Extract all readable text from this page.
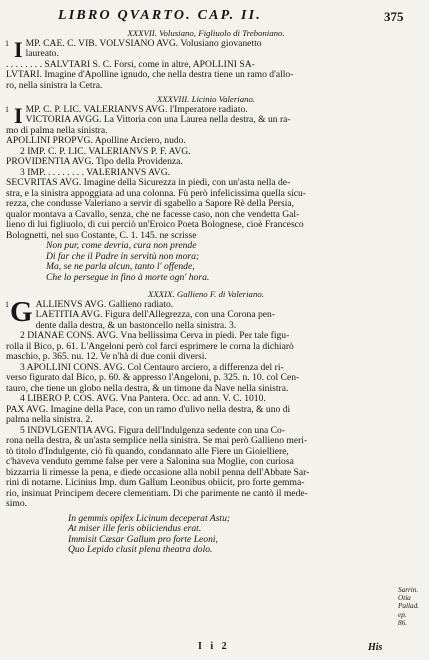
LIBRO QVARTO. CAP. II.	375

XXXVII. Volusiano, Figliuolo di Treboniano.

1 I MP. CAE. C. VIB. VOLVSIANO AVG. Volusiano giovanetto

laureato.

. . . . . . . . SALVTARI S. C. Forsi, come in altre, APOLLINI SA-

LVTARI. Imagine d'Apolline ignudo, che nella destra tiene un ramo d'allo-

ro, nella sinistra la Cetra.

XXXVIII. Licinio Valeriano.

1 I MP. C. P. LIC. VALERIANVS AVG. l'Imperatore radiato.

VICTORIA AVGG. La Vittoria con una Laurea nella destra, & un ra-

mo di palma nella sinistra.

APOLLINI PROPVG. Apolline Arciero, nudo.

2 IMP. C. P. LIC. VALERIANVS P. F. AVG.

PROVIDENTIA AVG. Tipo della Providenza.

3 IMP. . . . . . . . . VALERIANVS AVG.

SECVRITAS AVG. Imagine della Sicurezza in piedi, con un'asta nella de-

stra, e la sinistra appoggiata ad una colonna. Fù però infelicissima quella sicu-

rezza, che condusse Valeriano a servir di sgabello a Sapore Rè della Persia,

qualor montava a Cavallo, senza, che ne facesse caso, non che vendetta Gal-

lieno di lui figliuolo, di cui perciò un'Eroico Poeta Bolognese, cioè Francesco

Bolognetti, nel suo Costante, C. 1. 145. ne scrisse

Non pur, come devria, cura non prende

Di far che il Padre in servitù non mora;

Ma, se ne parla alcun, tanto l' offende,

Che lo persegue in fino à morte ogn' hora.

XXXIX. Gallieno F. di Valeriano.

1 G ALLIENVS AVG. Gallieno radiato.

LAETITIA AVG. Figura dell'Allegrezza, con una Corona pen-

dente dalla destra, & un bastoncello nella sinistra. 3.

2 DIANAE CONS. AVG. Vna bellissima Cerva in piedi. Per tale figu-

rolla il Bico, p. 61. L'Angeloni però col farci esprimere le corna la dichiarò

maschio, p. 365. nu. 12. Ve n'hà di due conii diversi.

3 APOLLINI CONS. AVG. Col Centauro arciero, a differenza del ri-

verso figurato dal Bico, p. 60. & appresso l'Angeloni, p. 325. n. 10. col Cen-

tauro, che tiene un globo nella destra, & un timone da Nave nella sinistra.

4 LIBERO P. COS. AVG. Vna Pantera. Occ. ad ann. V. C. 1010.

PAX AVG. Imagine della Pace, con un ramo d'ulivo nella destra, & uno di

palma nella sinistra. 2.

5 INDVLGENTIA AVG. Figura dell'Indulgenza sedente con una Co-

rona nella destra, & un'asta semplice nella sinistra. Se mai però Gallieno meri-

tò titolo d'Indulgente, ciò fù quando, condannato alle Fiere un Gioielliere,

c'haveva venduto gemme false per vere a Salonina sua Moglie, con curiosa

bizzarria li rimesse la pena, e diede occasione alla nobil penna dell'Abbate Sar-

rini di notarne. Licinius Imp. dum Gallum Leonibus obiicit, pro forte gemma-

rio, insinuat Principem decere clementiam. Di che parimente ne cantò il mede-

simo.

In gemmis opifex Licinum deceperat Astu;

At miser ille feris obiiciendus erat.

Immisit Cæsar Gallum pro forte Leoni,

Quo Lepido clusit plena theatra dolo.

Sarrin. Otia
Pallad. ep.
86.
I i 2	His
